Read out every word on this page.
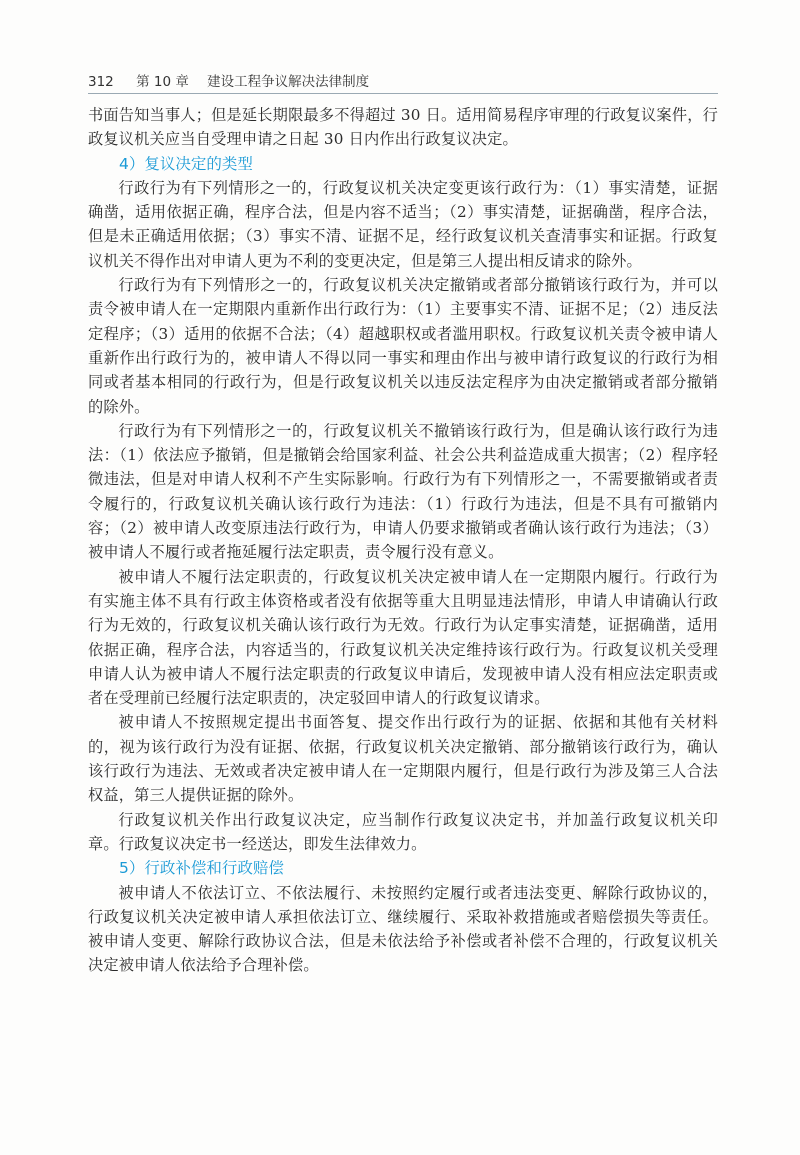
312 第 10 章 建设工程争议解决法律制度

书面告知当事人；但是延长期限最多不得超过 30 日。适用简易程序审理的行政复议案件，行政复议机关应当自受理申请之日起 30 日内作出行政复议决定。

4）复议决定的类型

行政行为有下列情形之一的，行政复议机关决定变更该行政行为：（1）事实清楚，证据确凿，适用依据正确，程序合法，但是内容不适当；（2）事实清楚，证据确凿，程序合法，但是未正确适用依据；（3）事实不清、证据不足，经行政复议机关查清事实和证据。行政复议机关不得作出对申请人更为不利的变更决定，但是第三人提出相反请求的除外。

行政行为有下列情形之一的，行政复议机关决定撤销或者部分撤销该行政行为，并可以责令被申请人在一定期限内重新作出行政行为：（1）主要事实不清、证据不足；（2）违反法定程序；（3）适用的依据不合法；（4）超越职权或者滥用职权。行政复议机关责令被申请人重新作出行政行为的，被申请人不得以同一事实和理由作出与被申请行政复议的行政行为相同或者基本相同的行政行为，但是行政复议机关以违反法定程序为由决定撤销或者部分撤销的除外。

行政行为有下列情形之一的，行政复议机关不撤销该行政行为，但是确认该行政行为违法：（1）依法应予撤销，但是撤销会给国家利益、社会公共利益造成重大损害；（2）程序轻微违法，但是对申请人权利不产生实际影响。行政行为有下列情形之一，不需要撤销或者责令履行的，行政复议机关确认该行政行为违法：（1）行政行为违法，但是不具有可撤销内容；（2）被申请人改变原违法行政行为，申请人仍要求撤销或者确认该行政行为违法；（3）被申请人不履行或者拖延履行法定职责，责令履行没有意义。

被申请人不履行法定职责的，行政复议机关决定被申请人在一定期限内履行。行政行为有实施主体不具有行政主体资格或者没有依据等重大且明显违法情形，申请人申请确认行政行为无效的，行政复议机关确认该行政行为无效。行政行为认定事实清楚，证据确凿，适用依据正确，程序合法，内容适当的，行政复议机关决定维持该行政行为。行政复议机关受理申请人认为被申请人不履行法定职责的行政复议申请后，发现被申请人没有相应法定职责或者在受理前已经履行法定职责的，决定驳回申请人的行政复议请求。

被申请人不按照规定提出书面答复、提交作出行政行为的证据、依据和其他有关材料的，视为该行政行为没有证据、依据，行政复议机关决定撤销、部分撤销该行政行为，确认该行政行为违法、无效或者决定被申请人在一定期限内履行，但是行政行为涉及第三人合法权益，第三人提供证据的除外。

行政复议机关作出行政复议决定，应当制作行政复议决定书，并加盖行政复议机关印章。行政复议决定书一经送达，即发生法律效力。

5）行政补偿和行政赔偿

被申请人不依法订立、不依法履行、未按照约定履行或者违法变更、解除行政协议的，行政复议机关决定被申请人承担依法订立、继续履行、采取补救措施或者赔偿损失等责任。被申请人变更、解除行政协议合法，但是未依法给予补偿或者补偿不合理的，行政复议机关决定被申请人依法给予合理补偿。
